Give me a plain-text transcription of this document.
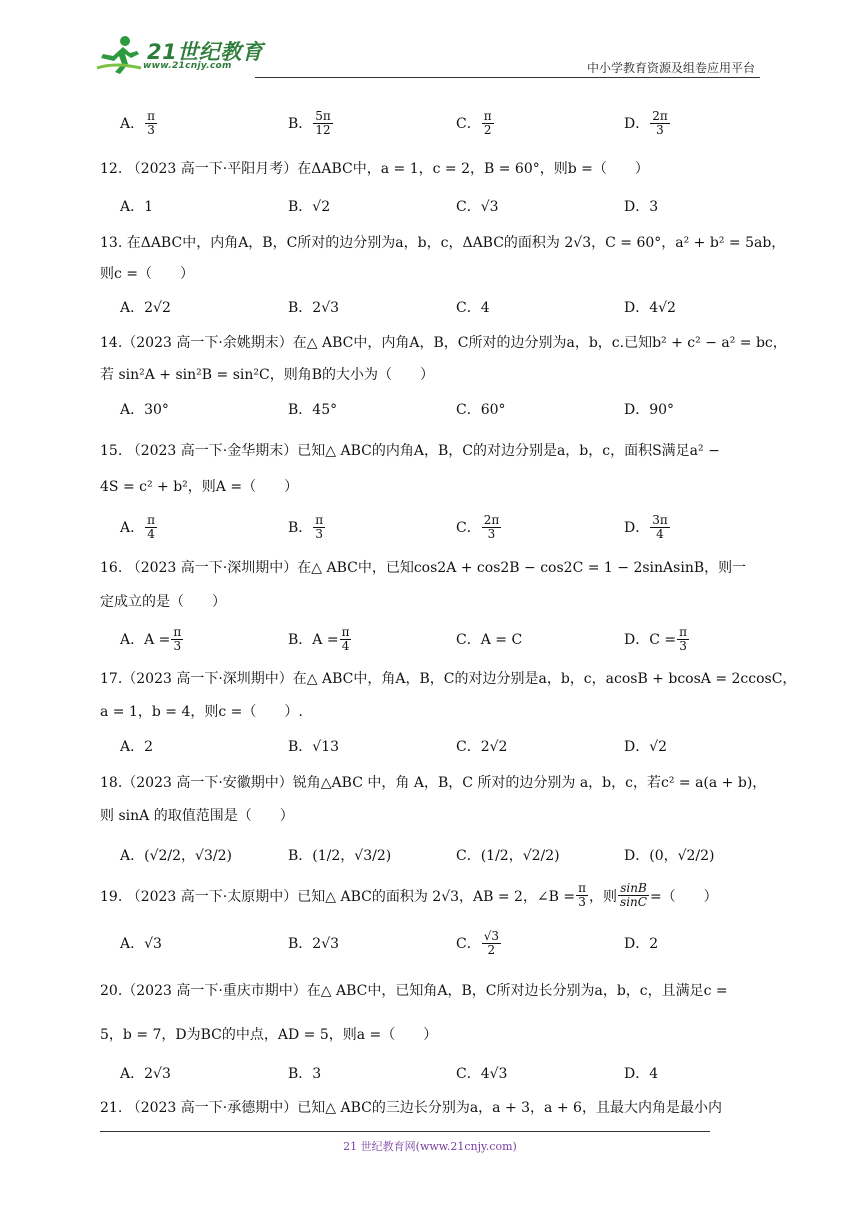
21世纪教育
www.21cnjy.com	中小学教育资源及组卷应用平台
A． $\frac{\pi}{3}$	B． $\frac{5\pi}{12}$	C． $\frac{\pi}{2}$	D． $\frac{2\pi}{3}$
12. （2023 高一下·平阳月考）在ΔABC中，a = 1，c = 2，B = 60°，则b =（　　）
A．1	B．√2	C．√3	D．3
13. 在ΔABC中，内角A，B，C所对的边分别为a，b，c，ΔABC的面积为 2√3，C = 60°，a² + b² = 5ab，
则c =（　　）
A．2√2	B．2√3	C．4	D．4√2
14.（2023 高一下·余姚期末）在△ ABC中，内角A，B，C所对的边分别为a，b，c.已知b² + c² − a² = bc，
若 sin²A + sin²B = sin²C，则角B的大小为（　　）
A．30°	B．45°	C．60°	D．90°
15. （2023 高一下·金华期末）已知△ ABC的内角A，B，C的对边分别是a，b，c，面积S满足a² −
4S = c² + b²，则A =（　　）
A． $\frac{\pi}{4}$	B． $\frac{\pi}{3}$	C． $\frac{2\pi}{3}$	D． $\frac{3\pi}{4}$
16. （2023 高一下·深圳期中）在△ ABC中，已知cos2A + cos2B − cos2C = 1 − 2sinAsinB，则一
定成立的是（　　）
A．$A = \frac{\pi}{3}$	B．$A = \frac{\pi}{4}$	C．A = C	D．$C = \frac{\pi}{3}$
17.（2023 高一下·深圳期中）在△ ABC中，角A，B，C的对边分别是a，b，c，acosB + bcosA = 2ccosC，
a = 1，b = 4，则c =（　　）.
A．2	B．√13	C．2√2	D．√2
18.（2023 高一下·安徽期中）锐角△ABC 中，角 A，B，C 所对的边分别为 a，b，c，若c² = a(a + b)，
则 sinA 的取值范围是（　　）
A． (√2/2，√3/2)	B． (1/2，√3/2)	C． (1/2，√2/2)	D． (0，√2/2)
19. （2023 高一下·太原期中）已知△ ABC的面积为 2√3，AB = 2，∠B = $\frac{\pi}{3}$ ，则 $\frac{\sin B}{\sin C}$ =（　　）
A．√3	B．2√3	C． $\frac{√3}{2}$	D．2
20.（2023 高一下·重庆市期中）在△ ABC中，已知角A，B，C所对边长分别为a，b，c，且满足c =
5，b = 7，D为BC的中点，AD = 5，则a =（　　）
A．2√3	B．3	C．4√3	D．4
21. （2023 高一下·承德期中）已知△ ABC的三边长分别为a，a + 3，a + 6，且最大内角是最小内
21 世纪教育网(www.21cnjy.com)
